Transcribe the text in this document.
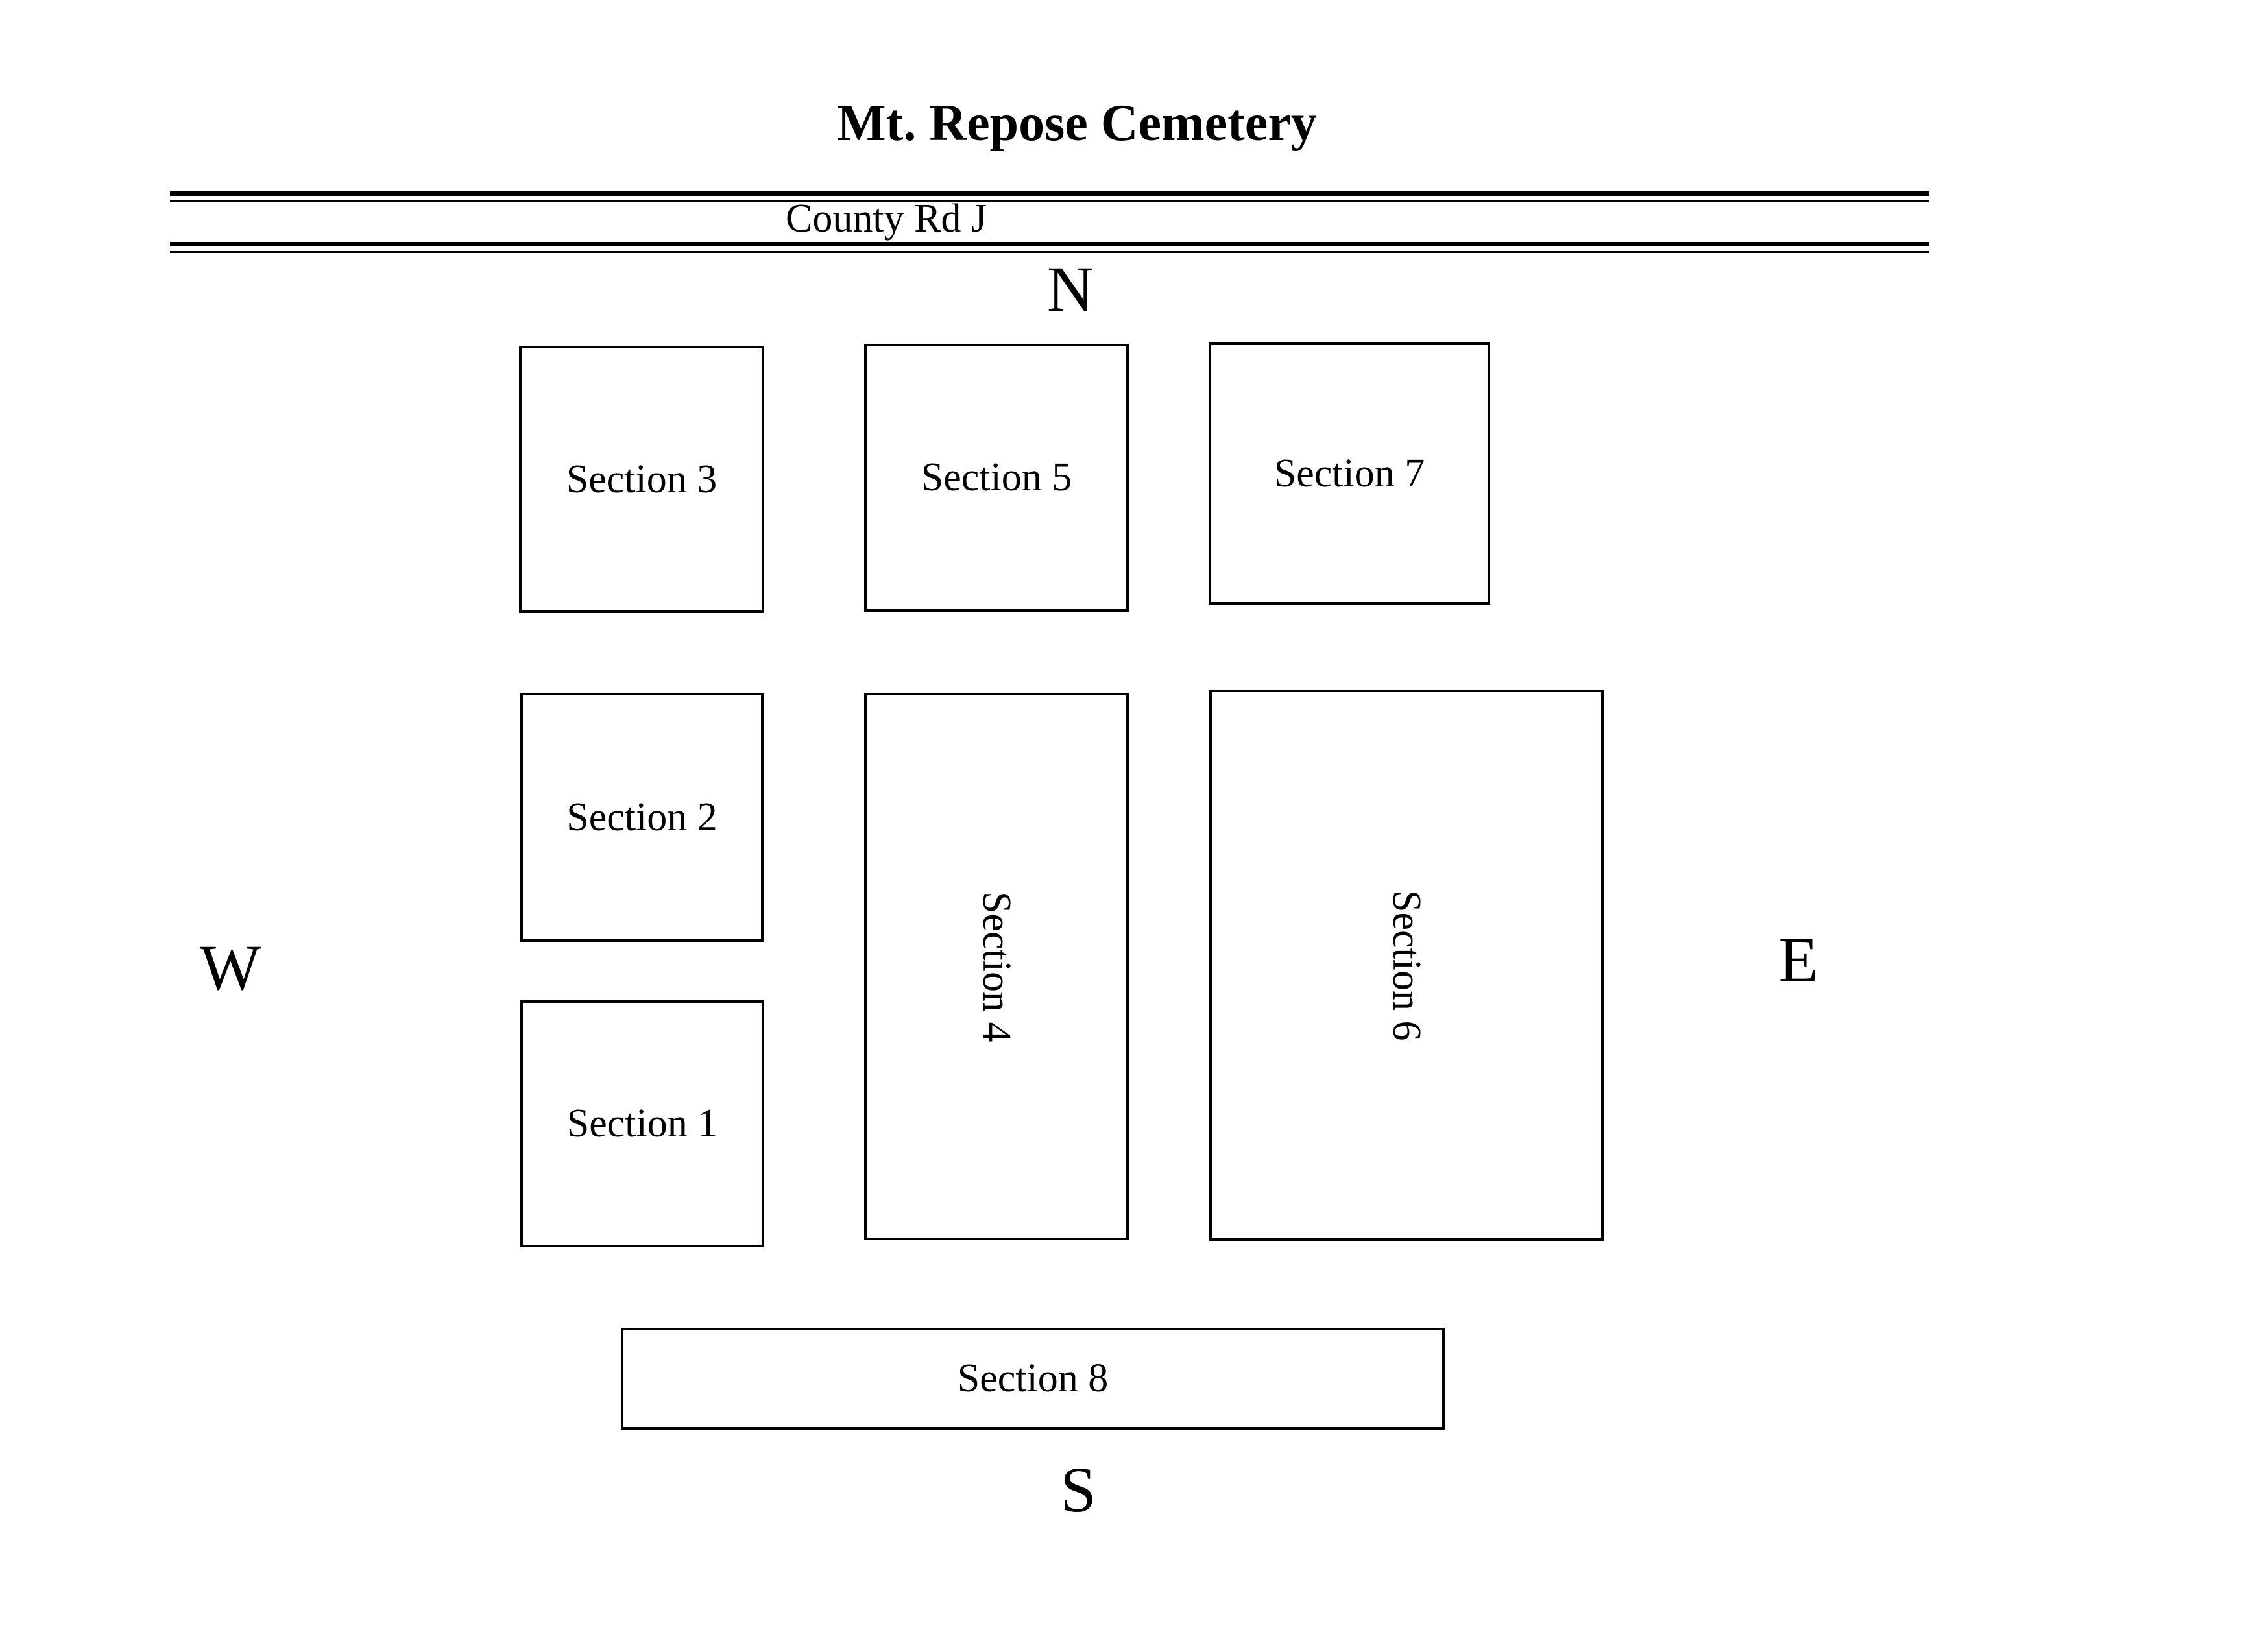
Mt. Repose Cemetery
County Rd J
N
W	E
S
Section 3	Section 5	Section 7
Section 2
Section 1
Section 4	Section 6
Section 8
